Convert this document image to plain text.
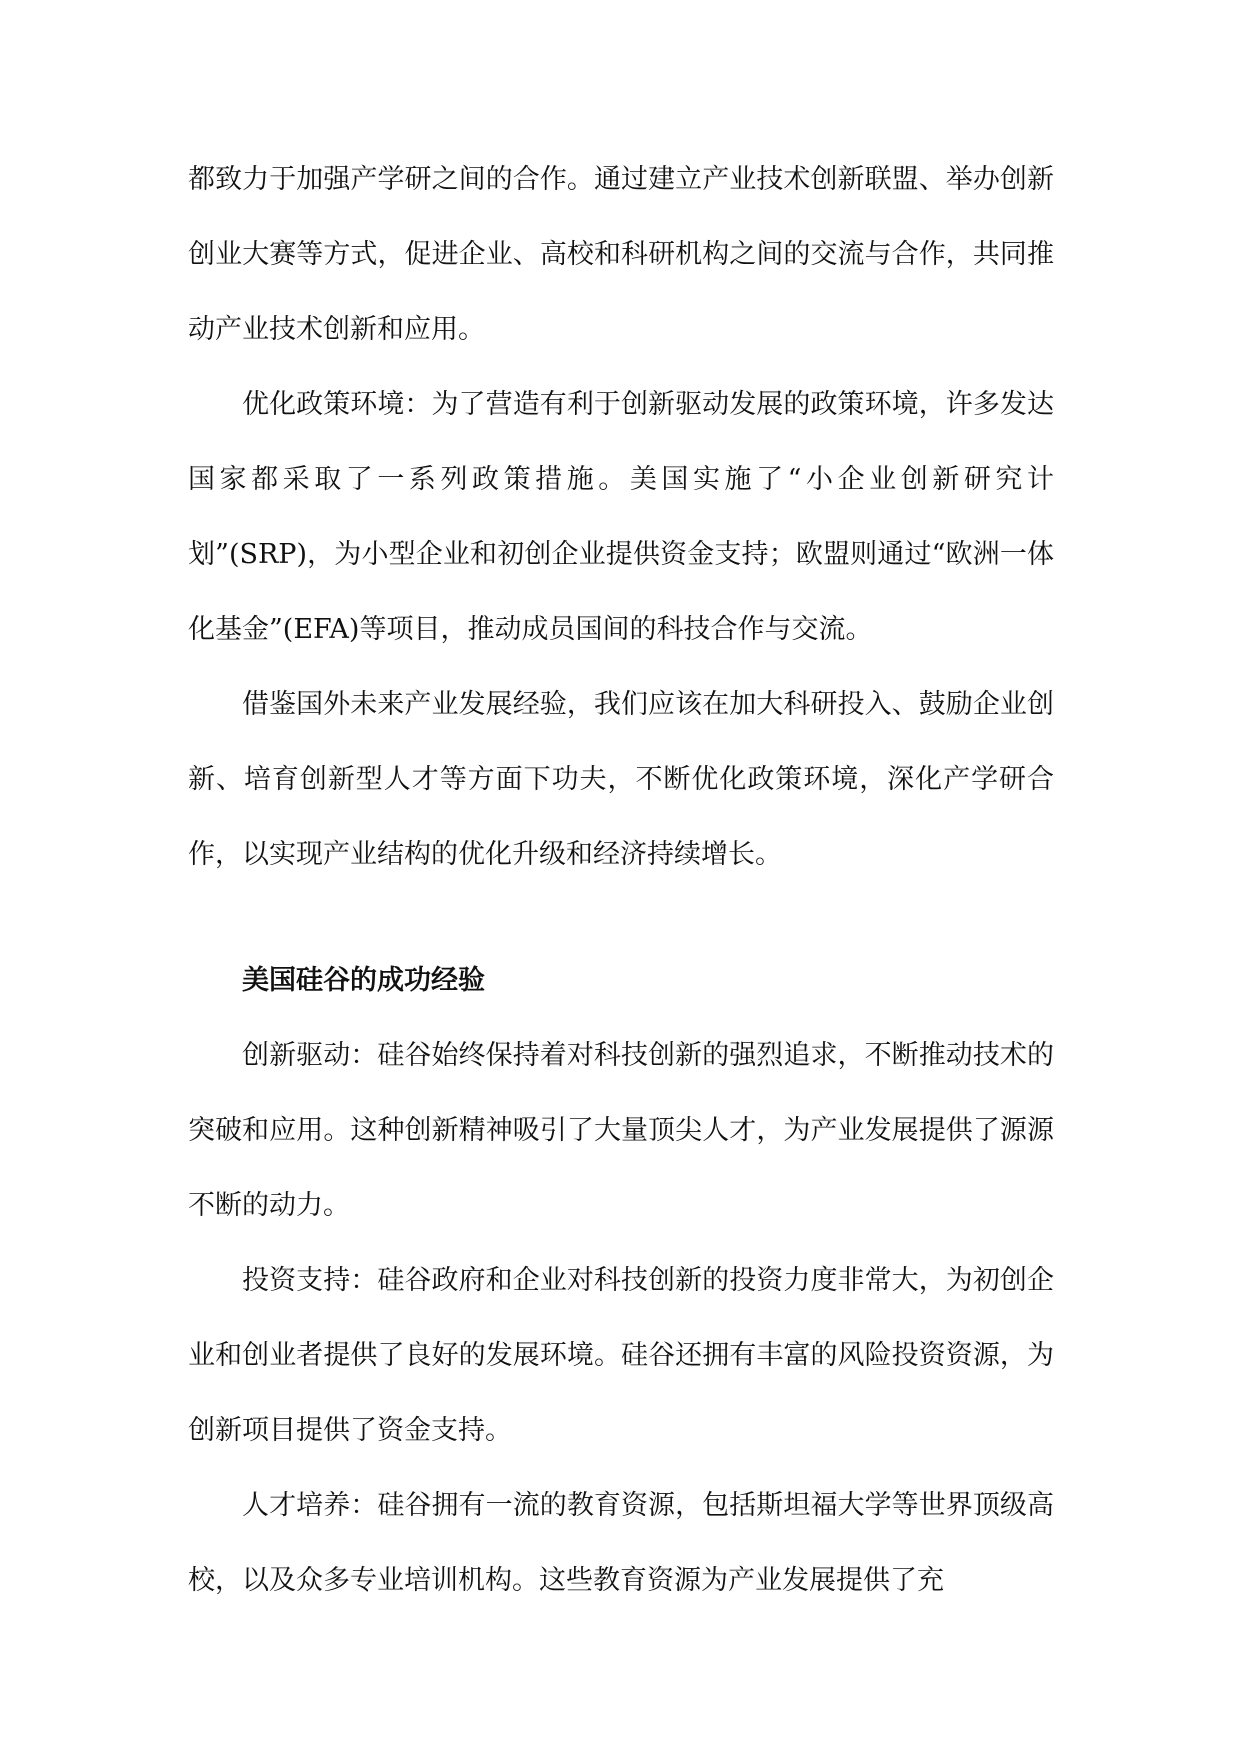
都致力于加强产学研之间的合作。通过建立产业技术创新联盟、举办创新创业大赛等方式，促进企业、高校和科研机构之间的交流与合作，共同推动产业技术创新和应用。

优化政策环境：为了营造有利于创新驱动发展的政策环境，许多发达国家都采取了一系列政策措施。美国实施了“小企业创新研究计划”(SRP)，为小型企业和初创企业提供资金支持；欧盟则通过“欧洲一体化基金”(EFA)等项目，推动成员国间的科技合作与交流。

借鉴国外未来产业发展经验，我们应该在加大科研投入、鼓励企业创新、培育创新型人才等方面下功夫，不断优化政策环境，深化产学研合作，以实现产业结构的优化升级和经济持续增长。

美国硅谷的成功经验

创新驱动：硅谷始终保持着对科技创新的强烈追求，不断推动技术的突破和应用。这种创新精神吸引了大量顶尖人才，为产业发展提供了源源不断的动力。

投资支持：硅谷政府和企业对科技创新的投资力度非常大，为初创企业和创业者提供了良好的发展环境。硅谷还拥有丰富的风险投资资源，为创新项目提供了资金支持。

人才培养：硅谷拥有一流的教育资源，包括斯坦福大学等世界顶级高校，以及众多专业培训机构。这些教育资源为产业发展提供了充
